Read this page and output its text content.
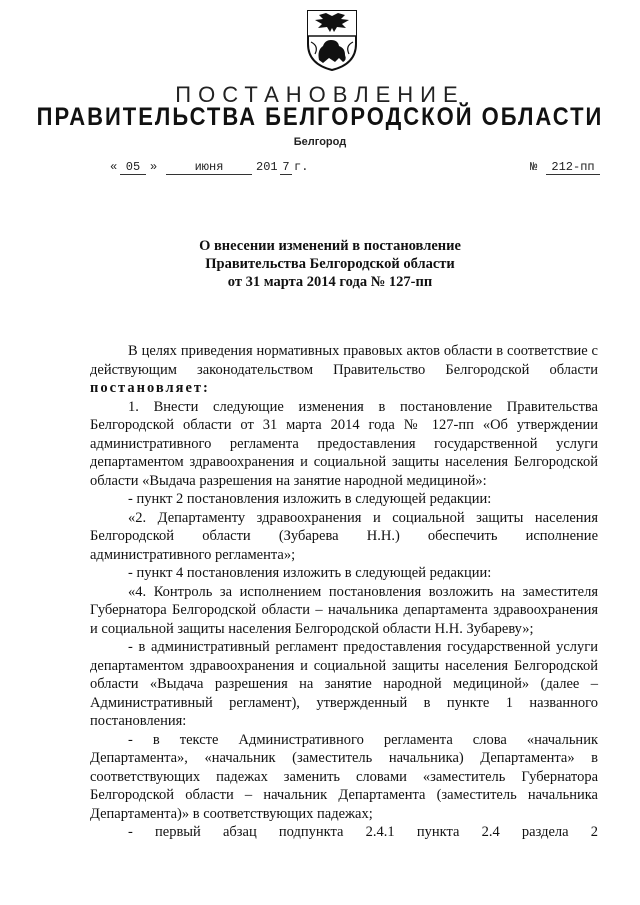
ПОСТАНОВЛЕНИЕ
ПРАВИТЕЛЬСТВА БЕЛГОРОДСКОЙ ОБЛАСТИ
Белгород
« 05 »	июня	201 7 г.	№	212-пп
О внесении изменений в постановление
Правительства Белгородской области
от 31 марта 2014 года № 127-пп

В целях приведения нормативных правовых актов области в соответствие с действующим законодательством Правительство Белгородской области постановляет:

1. Внести следующие изменения в постановление Правительства Белгородской области от 31 марта 2014 года № 127-пп «Об утверждении административного регламента предоставления государственной услуги департаментом здравоохранения и социальной защиты населения Белгородской области «Выдача разрешения на занятие народной медициной»:

- пункт 2 постановления изложить в следующей редакции:

«2. Департаменту здравоохранения и социальной защиты населения Белгородской области (Зубарева Н.Н.) обеспечить исполнение административного регламента»;

- пункт 4 постановления изложить в следующей редакции:

«4. Контроль за исполнением постановления возложить на заместителя Губернатора Белгородской области – начальника департамента здравоохранения и социальной защиты населения Белгородской области Н.Н. Зубареву»;

- в административный регламент предоставления государственной услуги департаментом здравоохранения и социальной защиты населения Белгородской области «Выдача разрешения на занятие народной медициной» (далее – Административный регламент), утвержденный в пункте 1 названного постановления:

- в тексте Административного регламента слова «начальник Департамента», «начальник (заместитель начальника) Департамента» в соответствующих падежах заменить словами «заместитель Губернатора Белгородской области – начальник Департамента (заместитель начальника Департамента)» в соответствующих падежах;

- первый абзац подпункта 2.4.1 пункта 2.4 раздела 2
